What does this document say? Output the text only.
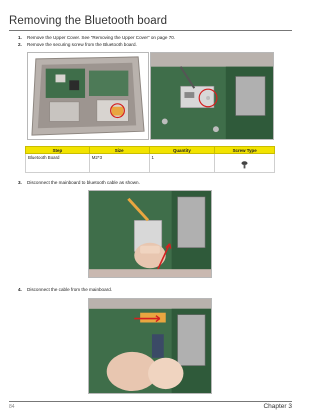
Removing the Bluetooth board
1. Remove the Upper Cover. See “Removing the Upper Cover” on page 70.
2. Remove the securing screw from the Bluetooth board.
Step	Size	Quantity	Screw Type
Bluetooth Board	M2*3	1	
3. Disconnect the mainboard to bluetooth cable as shown.
4. Disconnect the cable from the mainboard.
84	Chapter 3
